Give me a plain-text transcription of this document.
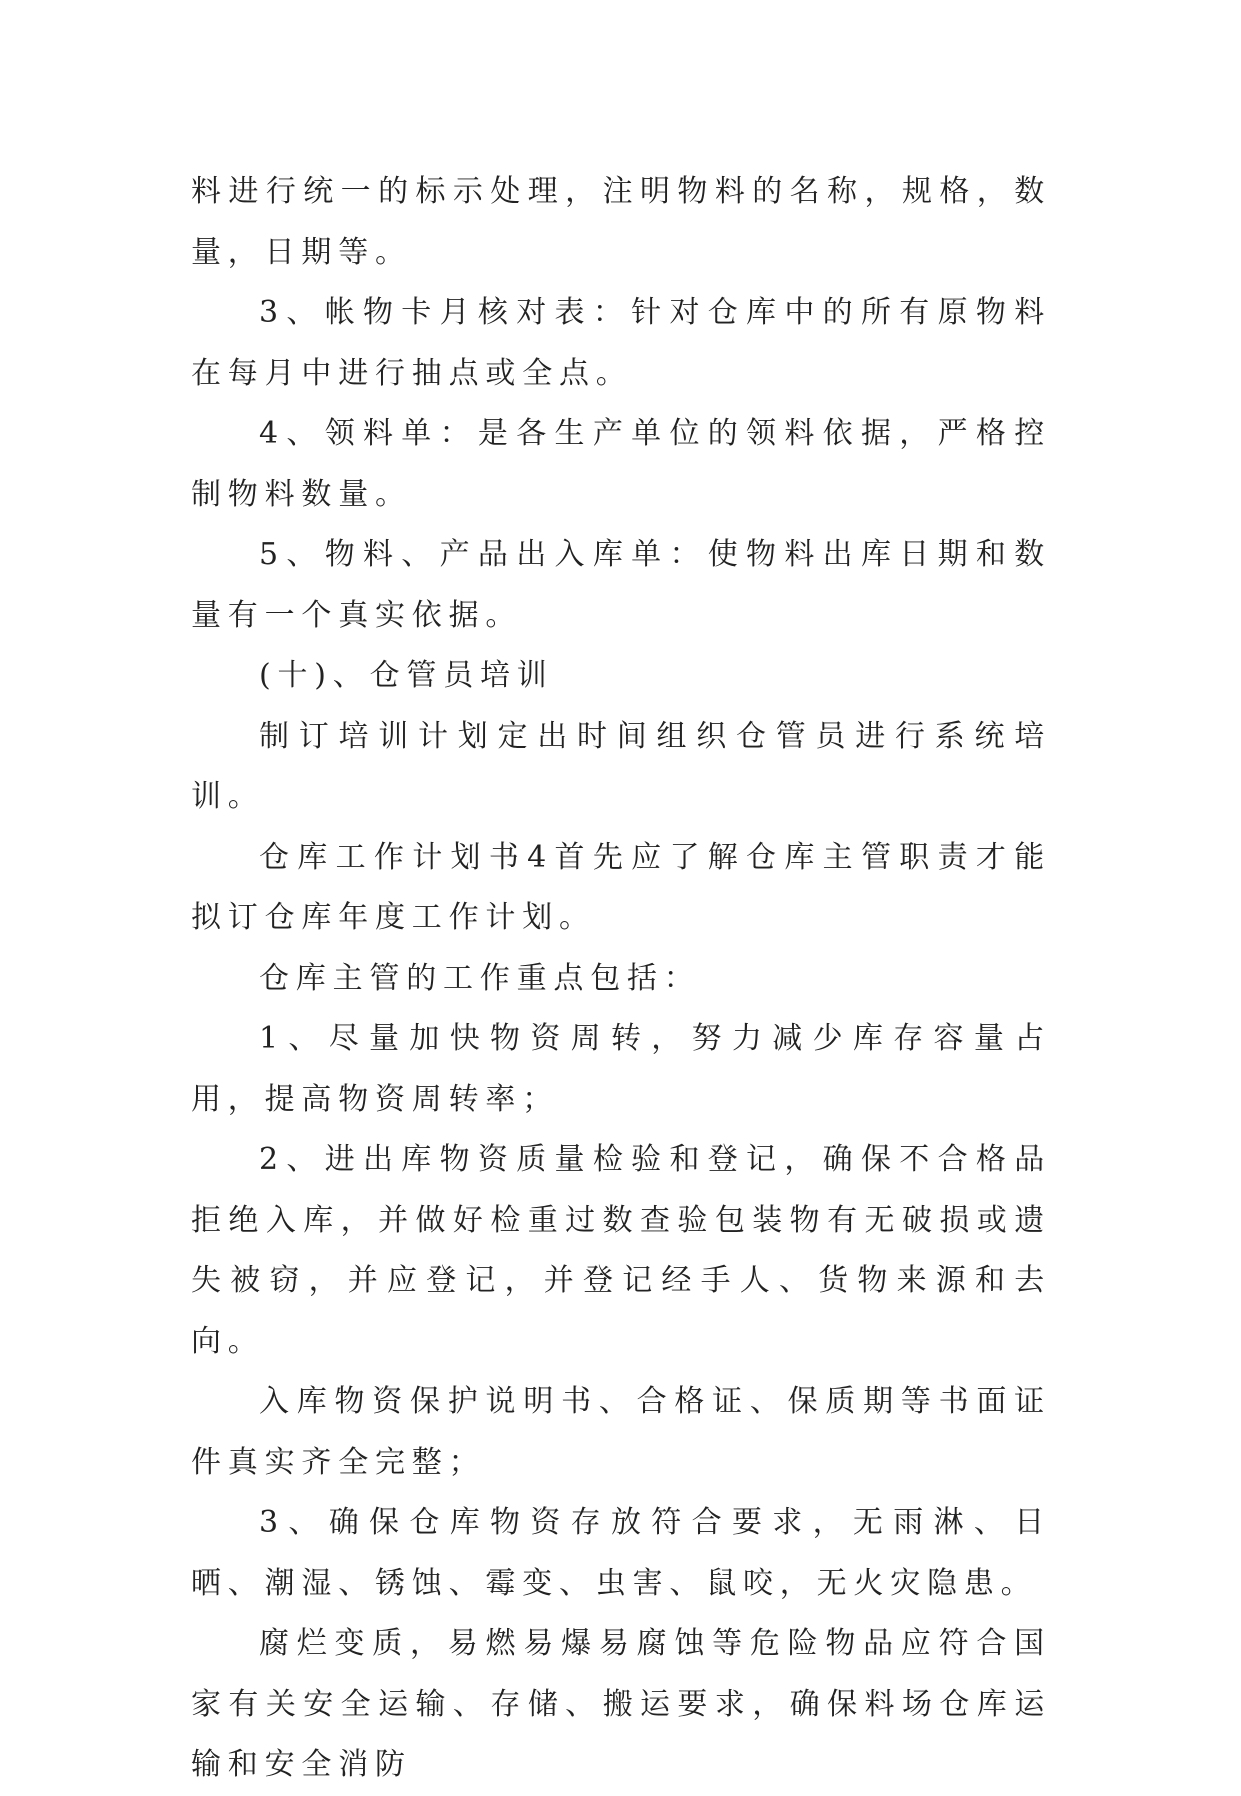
料进行统一的标示处理，注明物料的名称，规格，数量，日期等。

3、帐物卡月核对表：针对仓库中的所有原物料在每月中进行抽点或全点。

4、领料单：是各生产单位的领料依据，严格控制物料数量。

5、物料、产品出入库单：使物料出库日期和数量有一个真实依据。

(十)、仓管员培训

制订培训计划定出时间组织仓管员进行系统培训。

仓库工作计划书4首先应了解仓库主管职责才能拟订仓库年度工作计划。

仓库主管的工作重点包括：

1、尽量加快物资周转，努力减少库存容量占用，提高物资周转率；

2、进出库物资质量检验和登记，确保不合格品拒绝入库，并做好检重过数查验包装物有无破损或遗失被窃，并应登记，并登记经手人、货物来源和去向。

入库物资保护说明书、合格证、保质期等书面证件真实齐全完整；

3、确保仓库物资存放符合要求，无雨淋、日晒、潮湿、锈蚀、霉变、虫害、鼠咬，无火灾隐患。

腐烂变质，易燃易爆易腐蚀等危险物品应符合国家有关安全运输、存储、搬运要求，确保料场仓库运输和安全消防
